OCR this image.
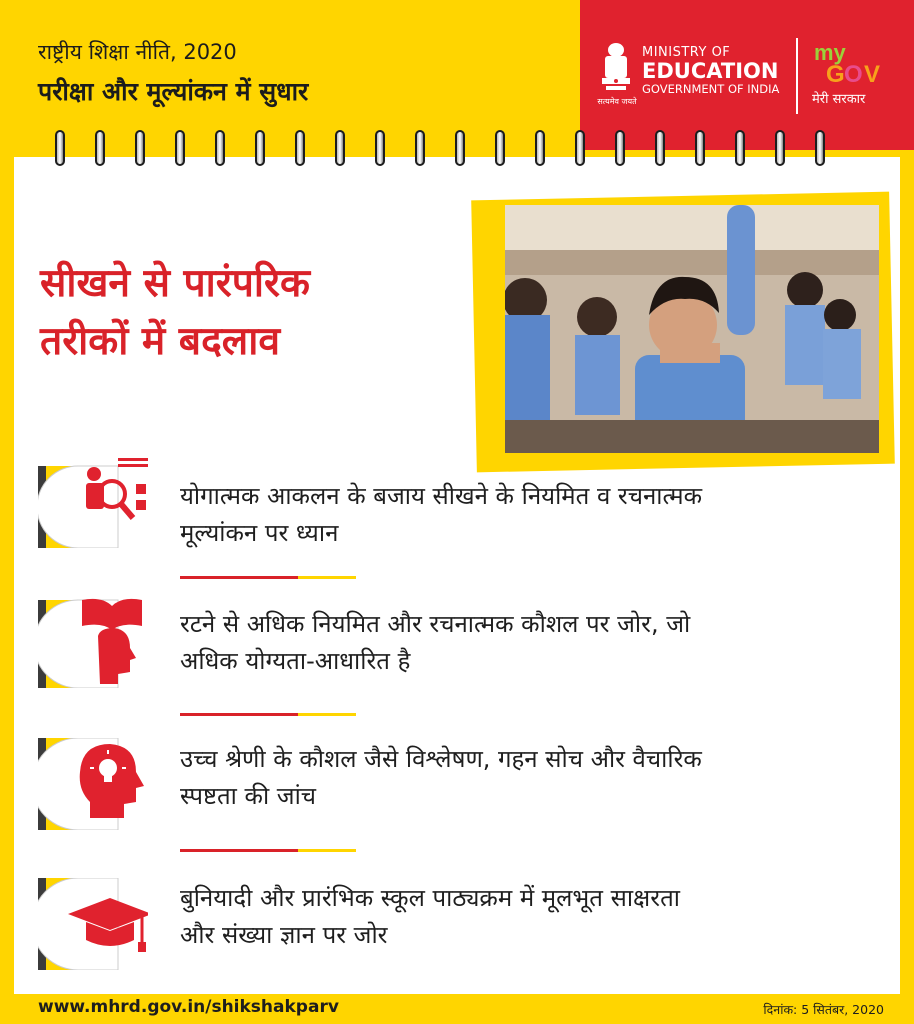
राष्ट्रीय शिक्षा नीति, 2020

परीक्षा और मूल्यांकन में सुधार	सत्यमेव जयते
MINISTRY OF
EDUCATION
GOVERNMENT OF INDIA
my
G O V
मेरी सरकार
सीखने से पारंपरिक
तरीकों में बदलाव
योगात्मक आकलन के बजाय सीखने के नियमित व रचनात्मक
मूल्यांकन पर ध्यान
रटने से अधिक नियमित और रचनात्मक कौशल पर जोर, जो
अधिक योग्यता-आधारित है
उच्च श्रेणी के कौशल जैसे विश्लेषण, गहन सोच और वैचारिक
स्पष्टता की जांच
बुनियादी और प्रारंभिक स्कूल पाठ्यक्रम में मूलभूत साक्षरता
और संख्या ज्ञान पर जोर
www.mhrd.gov.in/shikshakparv	दिनांक: 5 सितंबर, 2020
